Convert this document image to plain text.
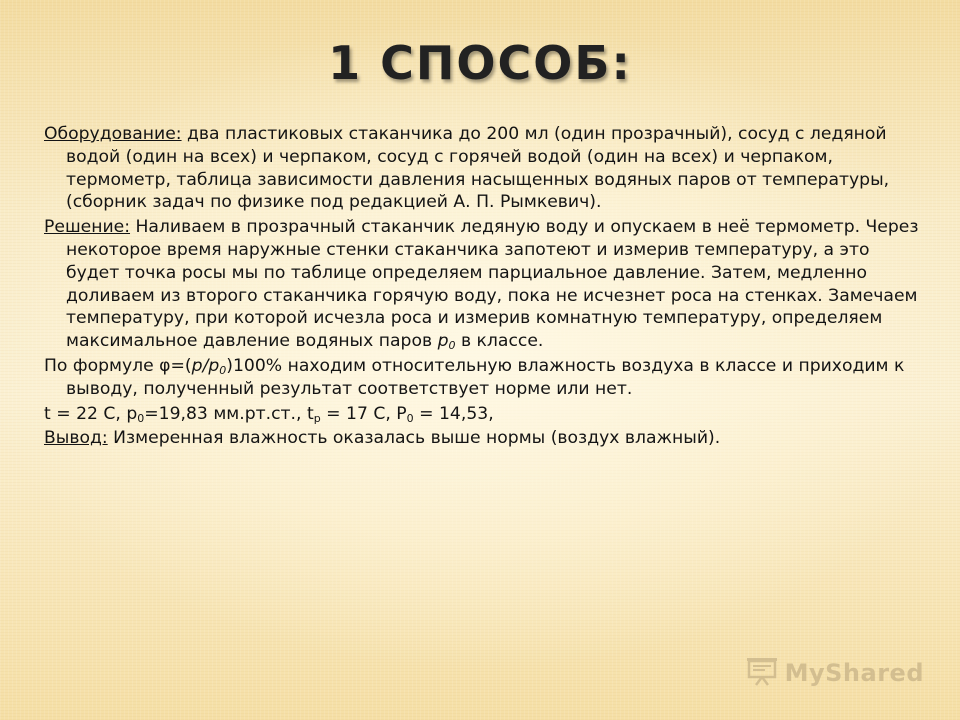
1 СПОСОБ:

Оборудование: два пластиковых стаканчика до 200 мл (один прозрачный), сосуд с ледяной водой (один на всех) и черпаком, сосуд с горячей водой (один на всех) и черпаком, термометр, таблица зависимости давления насыщенных водяных паров от температуры, (сборник задач по физике под редакцией А. П. Рымкевич).

Решение: Наливаем в прозрачный стаканчик ледяную воду и опускаем в неё термометр. Через некоторое время наружные стенки стаканчика запотеют и измерив температуру, а это будет точка росы мы по таблице определяем парциальное давление. Затем, медленно доливаем из второго стаканчика горячую воду, пока не исчезнет роса на стенках. Замечаем температуру, при которой исчезла роса и измерив комнатную температуру, определяем максимальное давление водяных паров $p_0$ в классе.

По формуле $\varphi=(p/p_0)100\%$ находим относительную влажность воздуха в классе и приходим к выводу, полученный результат соответствует норме или нет.

t = 22 С, $p_0=19,83$ мм.рт.ст., $t_р = 17$ С, $P_0 = 14,53$,

Вывод: Измеренная влажность оказалась выше нормы (воздух влажный).

MyShared
